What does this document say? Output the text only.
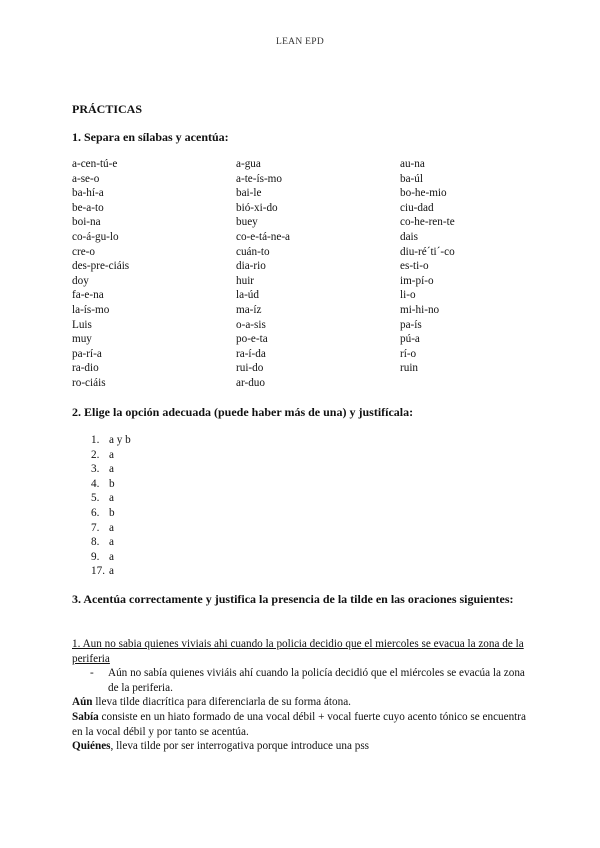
LEAN EPD
PRÁCTICAS
1. Separa en sílabas y acentúa:
a-cen-tú-e	a-gua	au-na
a-se-o	a-te-ís-mo	ba-úl
ba-hí-a	bai-le	bo-he-mio
be-a-to	bió-xi-do	ciu-dad
boi-na	buey	co-he-ren-te
co-á-gu-lo	co-e-tá-ne-a	dais
cre-o	cuán-to	diu-ré´ti´-co
des-pre-ciáis	dia-rio	es-ti-o
doy	huir	im-pí-o
fa-e-na	la-úd	li-o
la-ís-mo	ma-íz	mi-hi-no
Luis	o-a-sis	pa-ís
muy	po-e-ta	pú-a
pa-rí-a	ra-í-da	rí-o
ra-dio	rui-do	ruin
ro-ciáis	ar-duo
2. Elige la opción adecuada (puede haber más de una) y justifícala:
1. a y b
2. a
3. a
4. b
5. a
6. b
7. a
8. a
9. a
17. a
3. Acentúa correctamente y justifica la presencia de la tilde en las oraciones siguientes:
1. Aun no sabia quienes viviais ahi cuando la policia decidio que el miercoles se evacua la zona de la periferia
- Aún no sabía quienes viviáis ahí cuando la policía decidió que el miércoles se evacúa la zona de la periferia.
Aún lleva tilde diacrítica para diferenciarla de su forma átona.
Sabía consiste en un hiato formado de una vocal débil + vocal fuerte cuyo acento tónico se encuentra en la vocal débil y por tanto se acentúa.
Quiénes, lleva tilde por ser interrogativa porque introduce una pss
